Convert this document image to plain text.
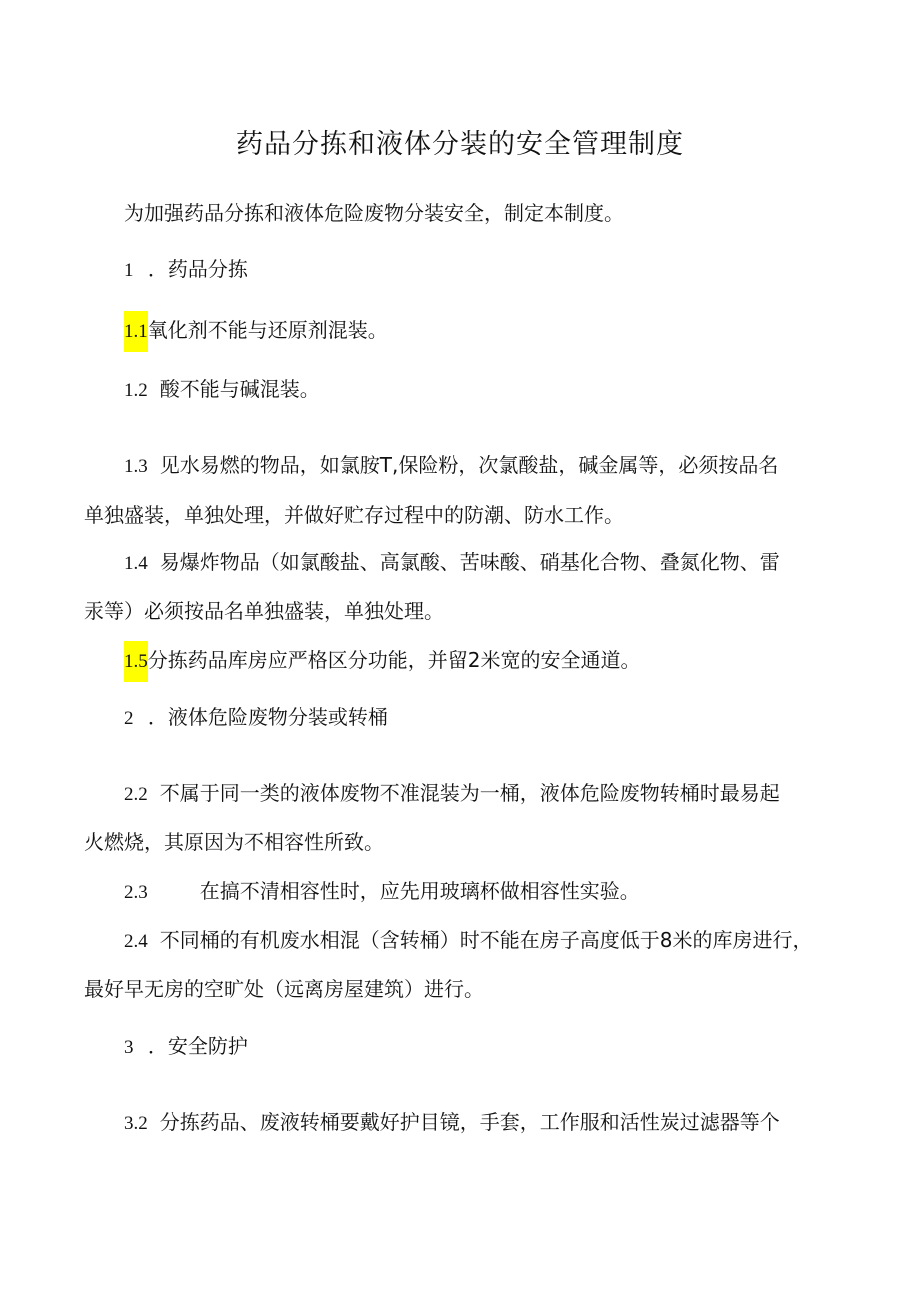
药品分拣和液体分装的安全管理制度
为加强药品分拣和液体危险废物分装安全，制定本制度。
1 ．药品分拣
1.1氧化剂不能与还原剂混装。
1.2 酸不能与碱混装。
1.3 见水易燃的物品，如氯胺T,保险粉，次氯酸盐，碱金属等，必须按品名
单独盛装，单独处理，并做好贮存过程中的防潮、防水工作。
1.4 易爆炸物品（如氯酸盐、高氯酸、苦味酸、硝基化合物、叠氮化物、雷
汞等）必须按品名单独盛装，单独处理。
1.5分拣药品库房应严格区分功能，并留2米宽的安全通道。
2 ．液体危险废物分装或转桶
2.2 不属于同一类的液体废物不准混装为一桶，液体危险废物转桶时最易起
火燃烧，其原因为不相容性所致。
2.3	在搞不清相容性时，应先用玻璃杯做相容性实验。
2.4 不同桶的有机废水相混（含转桶）时不能在房子高度低于8米的库房进行，
最好早无房的空旷处（远离房屋建筑）进行。
3 ．安全防护
3.2 分拣药品、废液转桶要戴好护目镜，手套，工作服和活性炭过滤器等个
